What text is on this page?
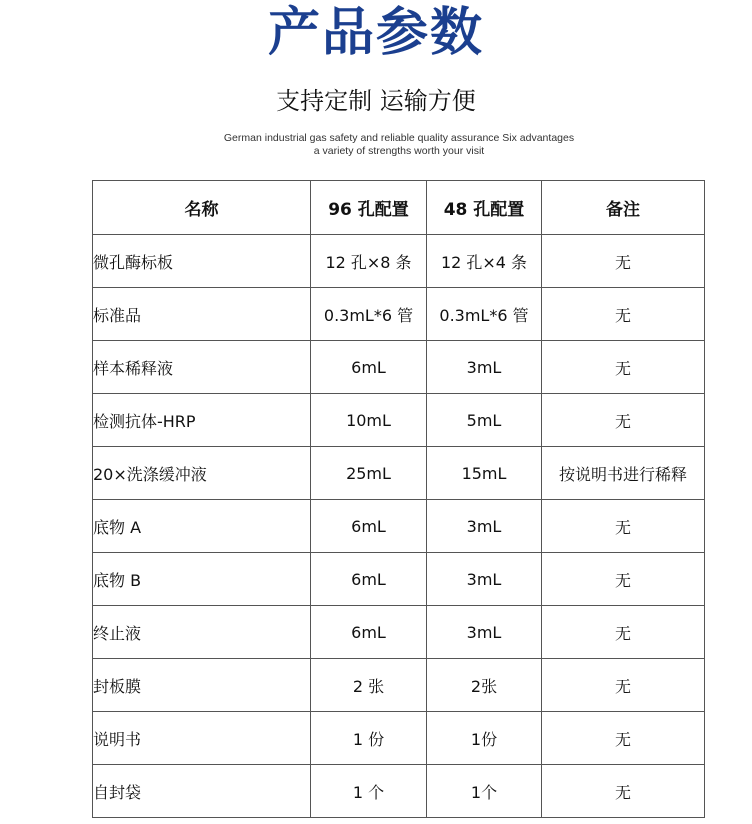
产品参数
支持定制 运输方便
German industrial gas safety and reliable quality assurance Six advantages
a variety of strengths worth your visit
名称	96 孔配置	48 孔配置	备注
微孔酶标板	12 孔×8 条	12 孔×4 条	无
标准品	0.3mL*6 管	0.3mL*6 管	无
样本稀释液	6mL	3mL	无
检测抗体-HRP	10mL	5mL	无
20×洗涤缓冲液	25mL	15mL	按说明书进行稀释
底物 A	6mL	3mL	无
底物 B	6mL	3mL	无
终止液	6mL	3mL	无
封板膜	2 张	2张	无
说明书	1 份	1份	无
自封袋	1 个	1个	无
